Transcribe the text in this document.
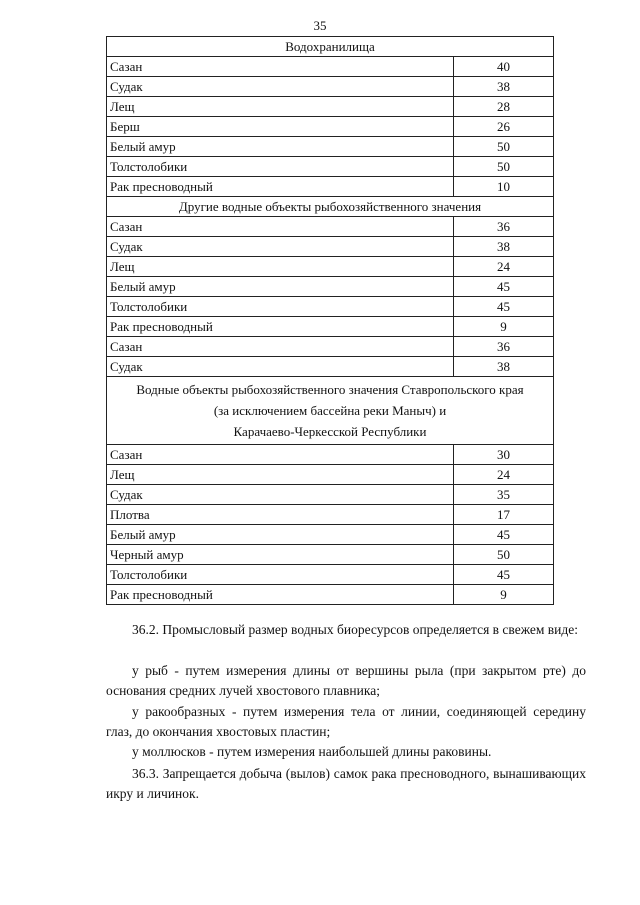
35
Водохранилища	

Сазан	40
Судак	38
Лещ	28
Берш	26
Белый амур	50
Толстолобики	50
Рак пресноводный	10

Другие водные объекты рыбохозяйственного значения	

Сазан	36
Судак	38
Лещ	24
Белый амур	45
Толстолобики	45
Рак пресноводный	9
Сазан	36
Судак	38

Водные объекты рыбохозяйственного значения Ставропольского края
(за исключением бассейна реки Маныч) и
Карачаево-Черкесской Республики	

Сазан	30
Лещ	24
Судак	35
Плотва	17
Белый амур	45
Черный амур	50
Толстолобики	45
Рак пресноводный	9

36.2. Промысловый размер водных биоресурсов определяется в свежем виде:

у рыб - путем измерения длины от вершины рыла (при закрытом рте) до основания средних лучей хвостового плавника;

у ракообразных - путем измерения тела от линии, соединяющей середину глаз, до окончания хвостовых пластин;

у моллюсков - путем измерения наибольшей длины раковины.

36.3. Запрещается добыча (вылов) самок рака пресноводного, вынашивающих икру и личинок.
